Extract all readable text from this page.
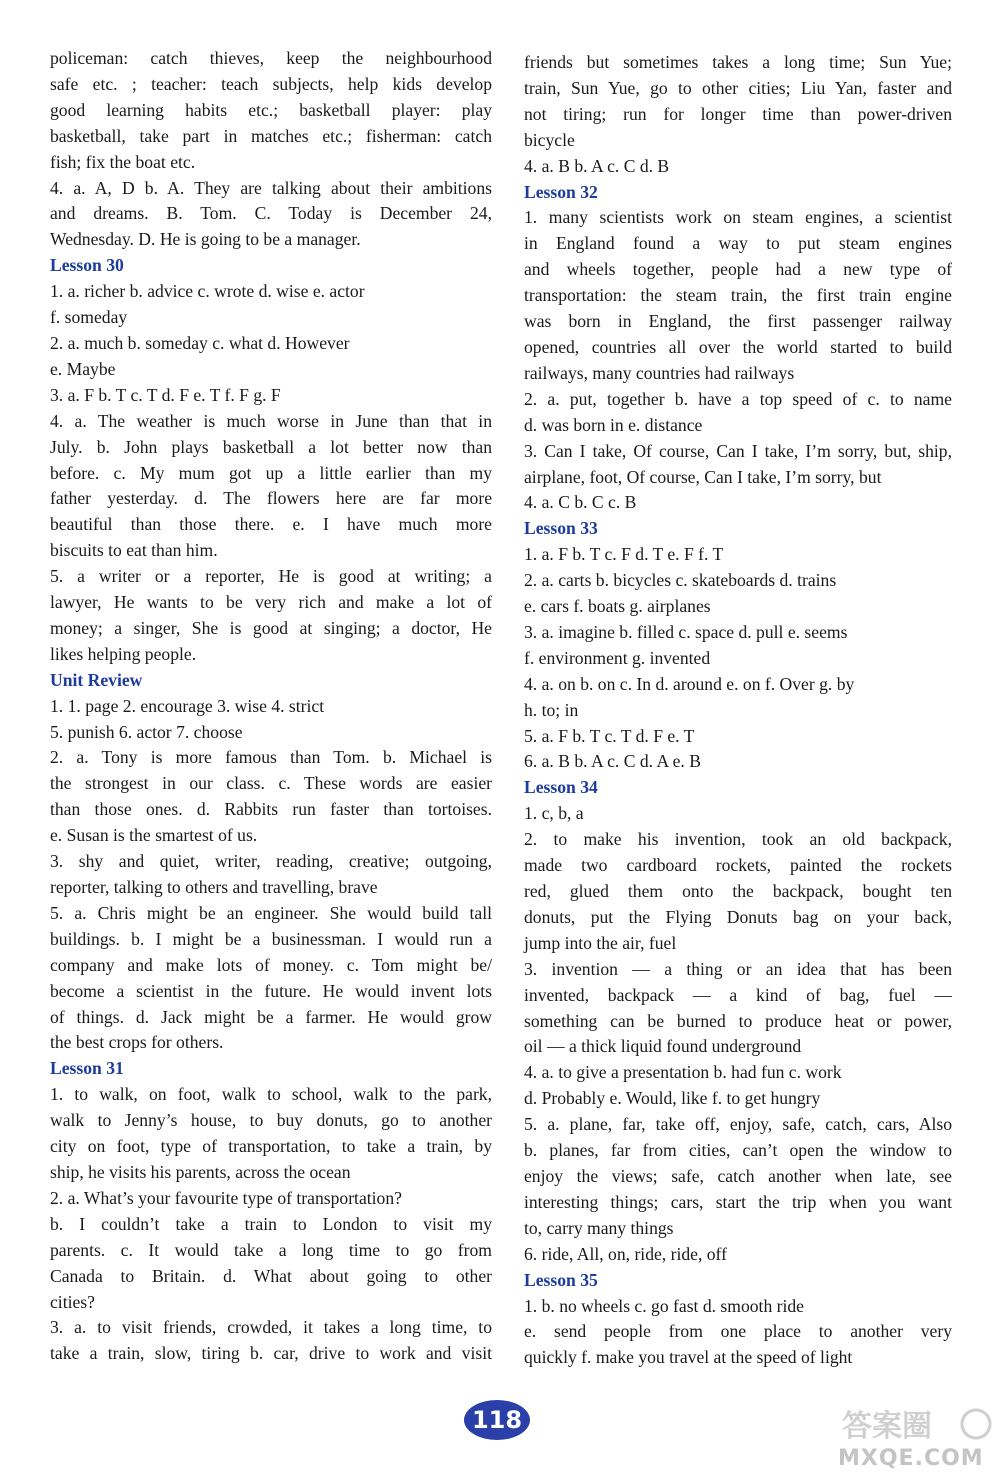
policeman: catch thieves, keep the neighbourhood
safe etc. ; teacher: teach subjects, help kids develop
good learning habits etc.; basketball player: play
basketball, take part in matches etc.; fisherman: catch
fish; fix the boat etc.
4. a. A, D b. A. They are talking about their ambitions
and dreams. B. Tom. C. Today is December 24,
Wednesday. D. He is going to be a manager.
Lesson 30
1. a. richer b. advice c. wrote d. wise e. actor
f. someday
2. a. much b. someday c. what d. However
e. Maybe
3. a. F b. T c. T d. F e. T f. F g. F
4. a. The weather is much worse in June than that in
July. b. John plays basketball a lot better now than
before. c. My mum got up a little earlier than my
father yesterday. d. The flowers here are far more
beautiful than those there. e. I have much more
biscuits to eat than him.
5. a writer or a reporter, He is good at writing; a
lawyer, He wants to be very rich and make a lot of
money; a singer, She is good at singing; a doctor, He
likes helping people.
Unit Review
1. 1. page 2. encourage 3. wise 4. strict
5. punish 6. actor 7. choose
2. a. Tony is more famous than Tom. b. Michael is
the strongest in our class. c. These words are easier
than those ones. d. Rabbits run faster than tortoises.
e. Susan is the smartest of us.
3. shy and quiet, writer, reading, creative; outgoing,
reporter, talking to others and travelling, brave
5. a. Chris might be an engineer. She would build tall
buildings. b. I might be a businessman. I would run a
company and make lots of money. c. Tom might be/
become a scientist in the future. He would invent lots
of things. d. Jack might be a farmer. He would grow
the best crops for others.
Lesson 31
1. to walk, on foot, walk to school, walk to the park,
walk to Jenny’s house, to buy donuts, go to another
city on foot, type of transportation, to take a train, by
ship, he visits his parents, across the ocean
2. a. What’s your favourite type of transportation?
b. I couldn’t take a train to London to visit my
parents. c. It would take a long time to go from
Canada to Britain. d. What about going to other
cities?
3. a. to visit friends, crowded, it takes a long time, to
take a train, slow, tiring b. car, drive to work and visit
friends but sometimes takes a long time; Sun Yue;
train, Sun Yue, go to other cities; Liu Yan, faster and
not tiring; run for longer time than power-driven
bicycle
4. a. B b. A c. C d. B
Lesson 32
1. many scientists work on steam engines, a scientist
in England found a way to put steam engines
and wheels together, people had a new type of
transportation: the steam train, the first train engine
was born in England, the first passenger railway
opened, countries all over the world started to build
railways, many countries had railways
2. a. put, together b. have a top speed of c. to name
d. was born in e. distance
3. Can I take, Of course, Can I take, I’m sorry, but, ship,
airplane, foot, Of course, Can I take, I’m sorry, but
4. a. C b. C c. B
Lesson 33
1. a. F b. T c. F d. T e. F f. T
2. a. carts b. bicycles c. skateboards d. trains
e. cars f. boats g. airplanes
3. a. imagine b. filled c. space d. pull e. seems
f. environment g. invented
4. a. on b. on c. In d. around e. on f. Over g. by
h. to; in
5. a. F b. T c. T d. F e. T
6. a. B b. A c. C d. A e. B
Lesson 34
1. c, b, a
2. to make his invention, took an old backpack,
made two cardboard rockets, painted the rockets
red, glued them onto the backpack, bought ten
donuts, put the Flying Donuts bag on your back,
jump into the air, fuel
3. invention — a thing or an idea that has been
invented, backpack — a kind of bag, fuel —
something can be burned to produce heat or power,
oil — a thick liquid found underground
4. a. to give a presentation b. had fun c. work
d. Probably e. Would, like f. to get hungry
5. a. plane, far, take off, enjoy, safe, catch, cars, Also
b. planes, far from cities, can’t open the window to
enjoy the views; safe, catch another when late, see
interesting things; cars, start the trip when you want
to, carry many things
6. ride, All, on, ride, ride, off
Lesson 35
1. b. no wheels c. go fast d. smooth ride
e. send people from one place to another very
quickly f. make you travel at the speed of light
118	答案圈
MXQE.COM
